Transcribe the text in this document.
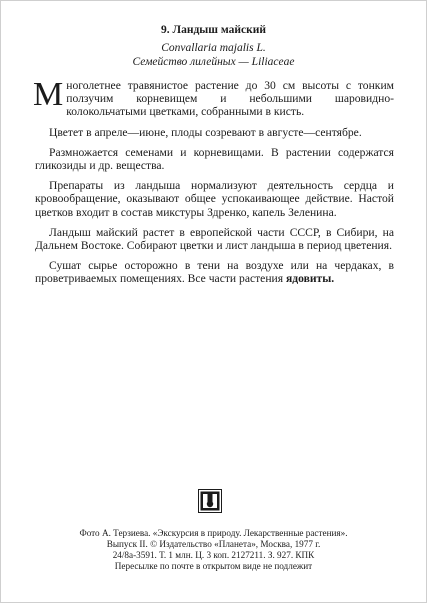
9. Ландыш майский
Convallaria majalis L.
Семейство лилейных — Liliaceae

Многолетнее травянистое растение до 30 см высоты с тонким ползучим корневищем и небольшими шаровидно-колокольчатыми цветками, собранными в кисть.

Цветет в апреле—июне, плоды созревают в августе—сентябре.

Размножается семенами и корневищами. В растении содержатся гликозиды и др. вещества.

Препараты из ландыша нормализуют деятельность сердца и кровообращение, оказывают общее успокаивающее действие. Настой цветков входит в состав микстуры Здренко, капель Зеленина.

Ландыш майский растет в европейской части СССР, в Сибири, на Дальнем Востоке. Собирают цветки и лист ландыша в период цветения.

Сушат сырье осторожно в тени на воздухе или на чердаках, в проветриваемых помещениях. Все части растения ядовиты.

Фото А. Терзиева. «Экскурсия в природу. Лекарственные растения».
Выпуск II. © Издательство «Планета», Москва, 1977 г.
24/8а-3591. Т. 1 млн. Ц. 3 коп. 2127211. З. 927. КПК
Пересылке по почте в открытом виде не подлежит
